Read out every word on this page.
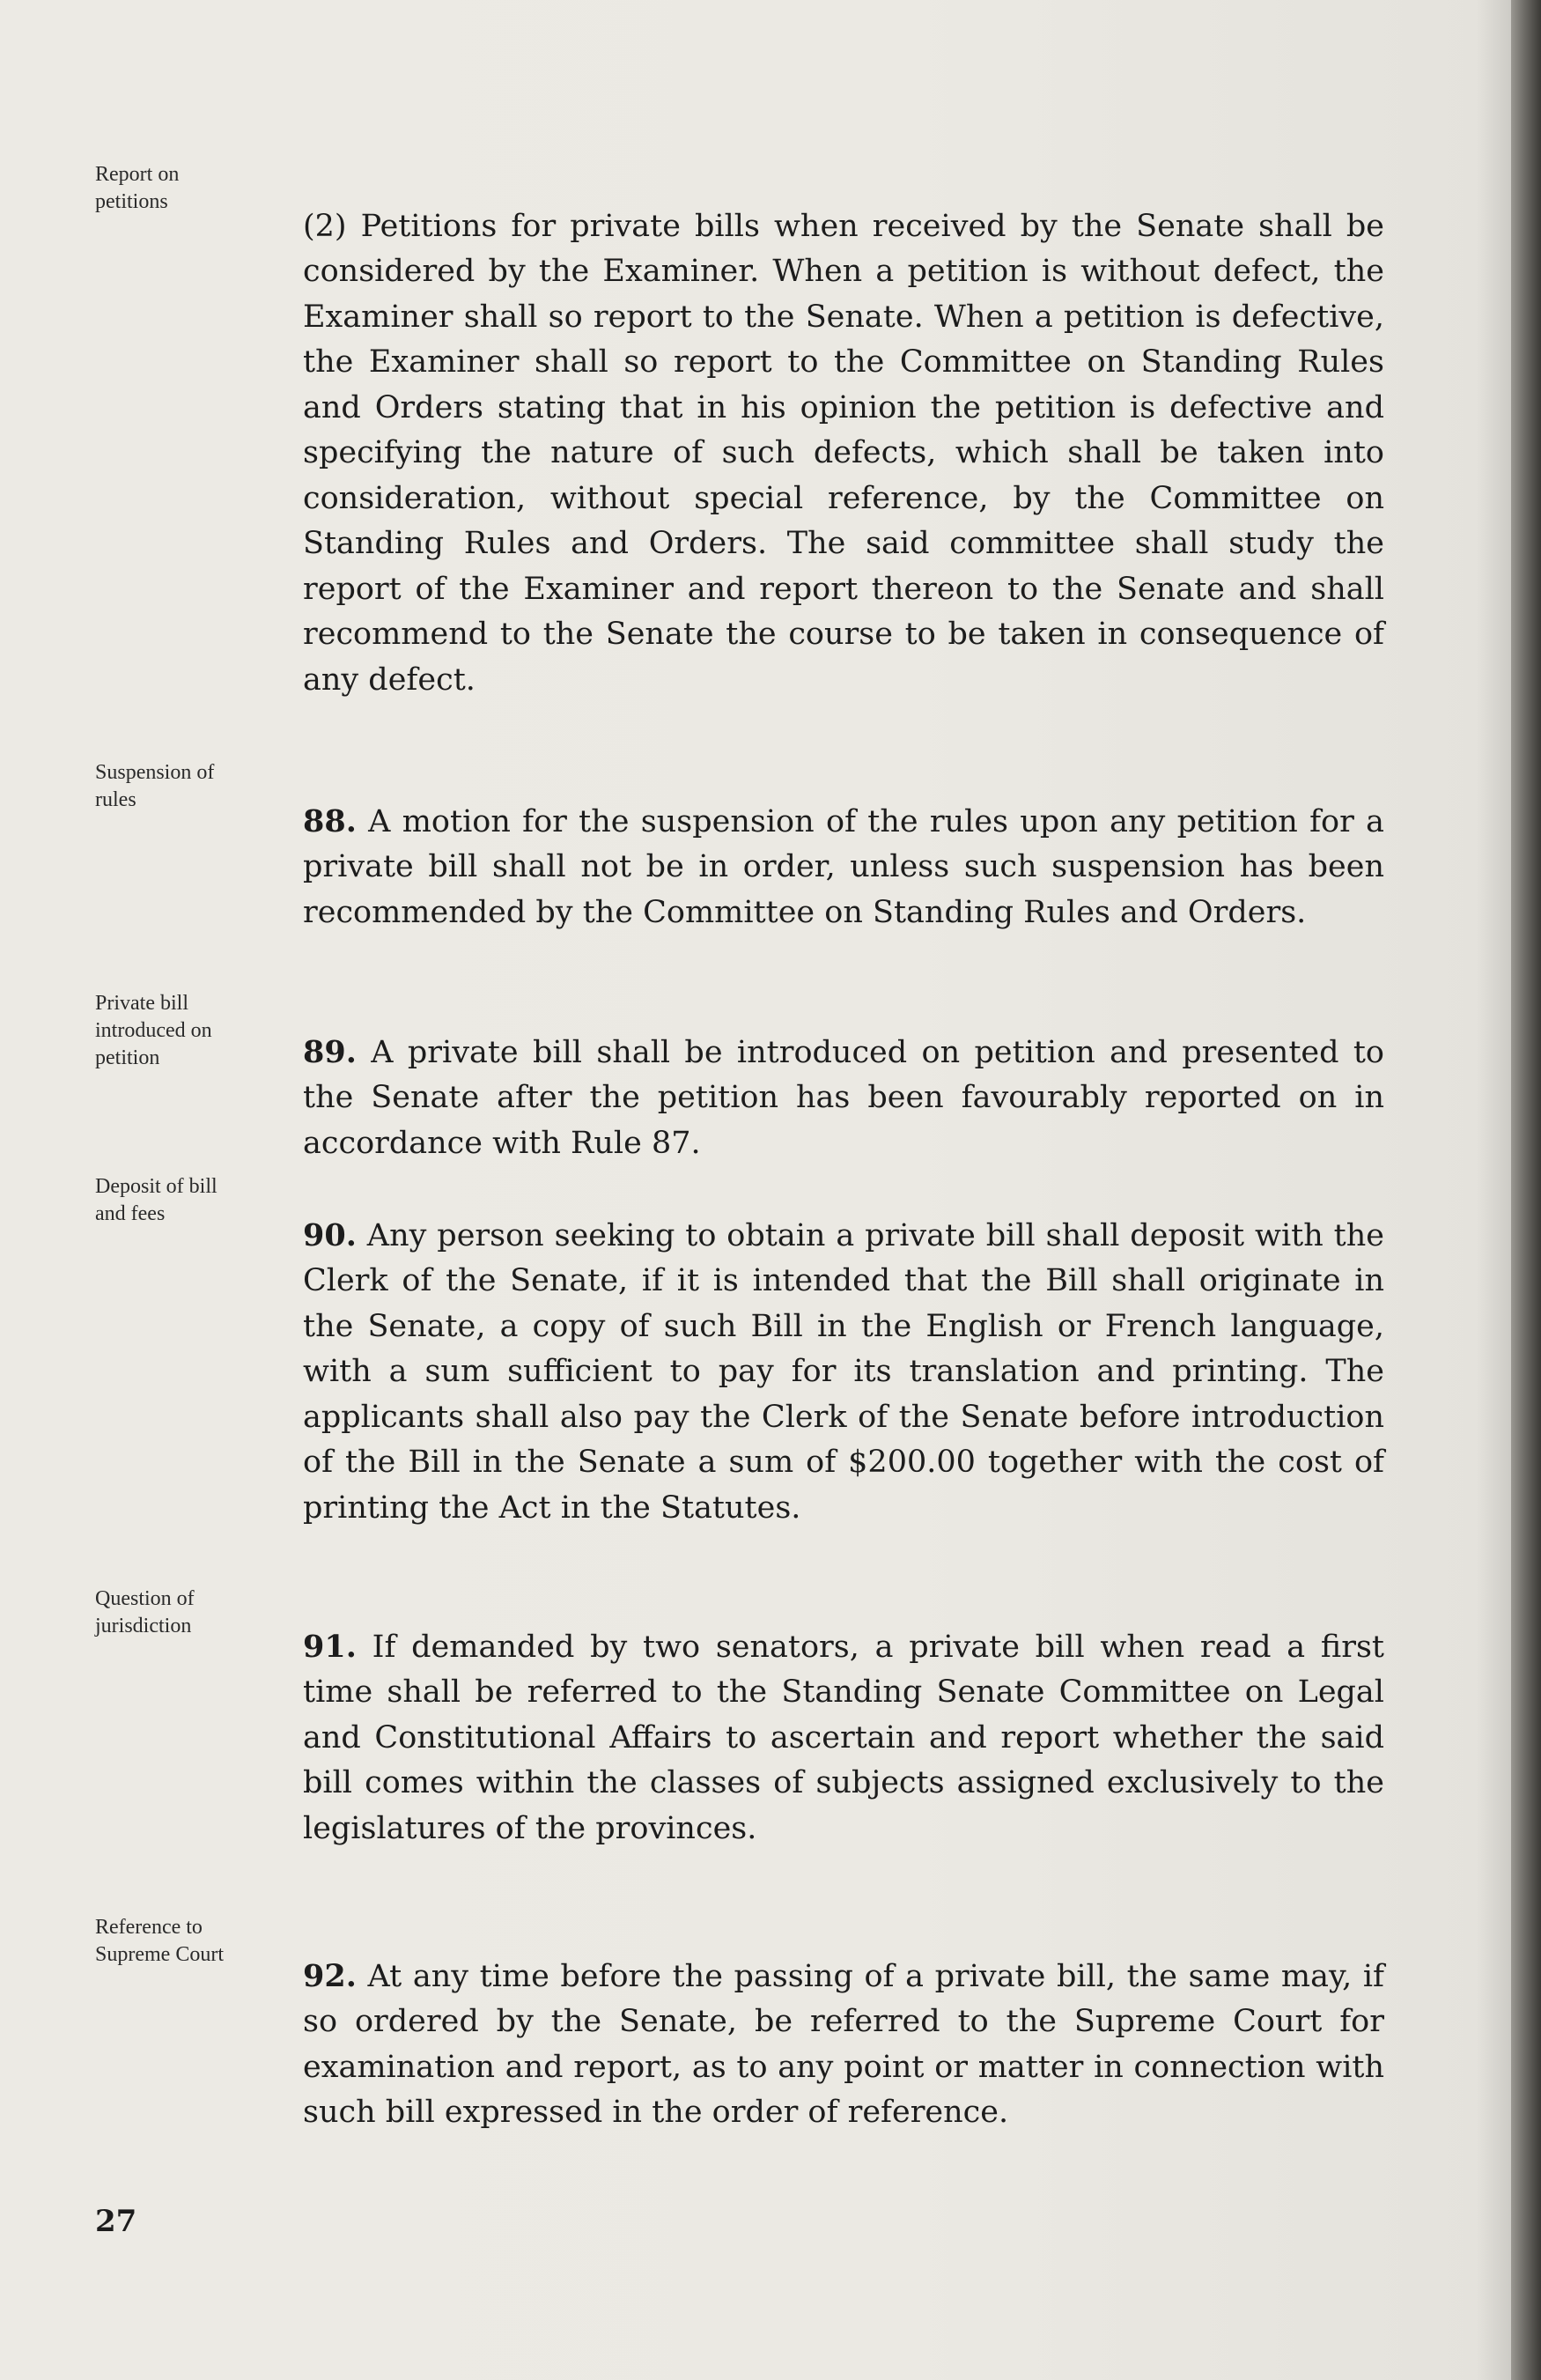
Report on
petitions
Suspension of
rules
Private bill
introduced on
petition
Deposit of bill
and fees
Question of
jurisdiction
Reference to
Supreme Court

(2) Petitions for private bills when received by the Senate shall be considered by the Examiner. When a petition is without defect, the Examiner shall so report to the Senate. When a petition is defective, the Examiner shall so report to the Committee on Standing Rules and Orders stating that in his opinion the petition is defective and specifying the nature of such defects, which shall be taken into consideration, without special reference, by the Committee on Standing Rules and Orders. The said committee shall study the report of the Examiner and report thereon to the Senate and shall recommend to the Senate the course to be taken in consequence of any defect.

88. A motion for the suspension of the rules upon any petition for a private bill shall not be in order, unless such suspension has been recommended by the Committee on Standing Rules and Orders.

89. A private bill shall be introduced on petition and presented to the Senate after the petition has been favourably reported on in accordance with Rule 87.

90. Any person seeking to obtain a private bill shall deposit with the Clerk of the Senate, if it is intended that the Bill shall originate in the Senate, a copy of such Bill in the English or French language, with a sum sufficient to pay for its translation and printing. The applicants shall also pay the Clerk of the Senate before introduction of the Bill in the Senate a sum of $200.00 together with the cost of printing the Act in the Statutes.

91. If demanded by two senators, a private bill when read a first time shall be referred to the Standing Senate Committee on Legal and Constitutional Affairs to ascertain and report whether the said bill comes within the classes of subjects assigned exclusively to the legislatures of the provinces.

92. At any time before the passing of a private bill, the same may, if so ordered by the Senate, be referred to the Supreme Court for examination and report, as to any point or matter in connection with such bill expressed in the order of reference.

27
